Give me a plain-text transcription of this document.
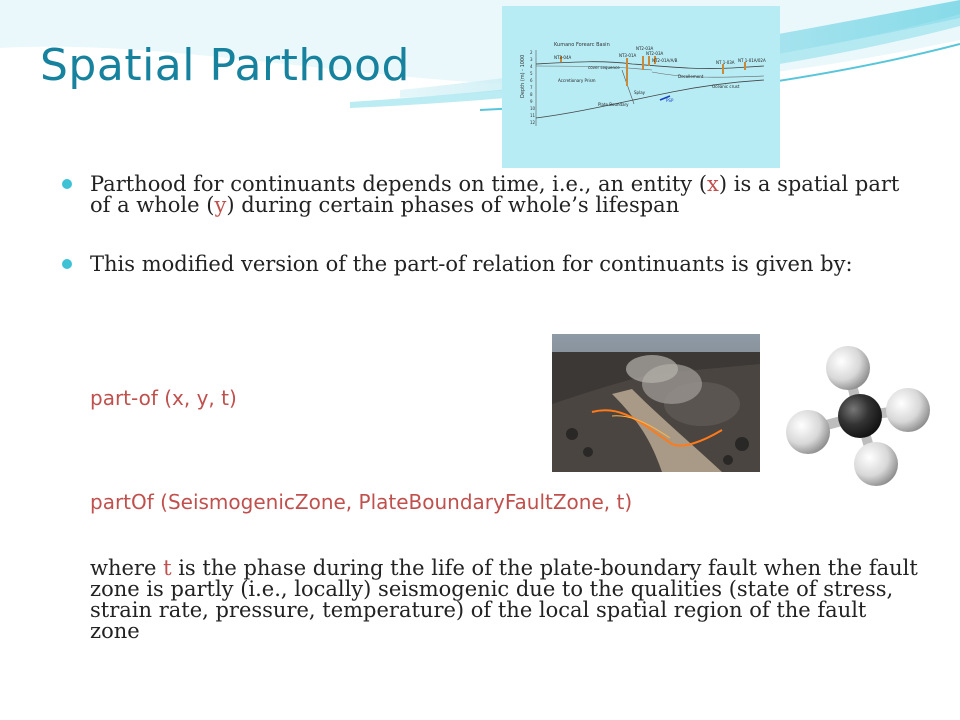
Spatial Parthood	Kumano Forearc Basin
Depth (m) - 1000
2
3
4
5
6
7
8
9
10
11
12
NT3-04A	NT3-01A
NT2-03A
NT2-03A
NT2-01A/A/B	NT 1-03A NT 1-01A/02A
cover sequence
Accretionary Prism
Plate Boundary
Splay
Decollement
Oceanic crust
PSP
Parthood for continuants depends on time, i.e., an entity (x) is a spatial part of a whole (y) during certain phases of whole’s lifespan
This modified version of the part-of relation for continuants is given by:
part-of (x, y, t)
partOf (SeismogenicZone, PlateBoundaryFaultZone, t)
where t is the phase during the life of the plate-boundary fault when the fault zone is partly (i.e., locally) seismogenic due to the qualities (state of stress, strain rate, pressure, temperature) of the local spatial region of the fault zone
